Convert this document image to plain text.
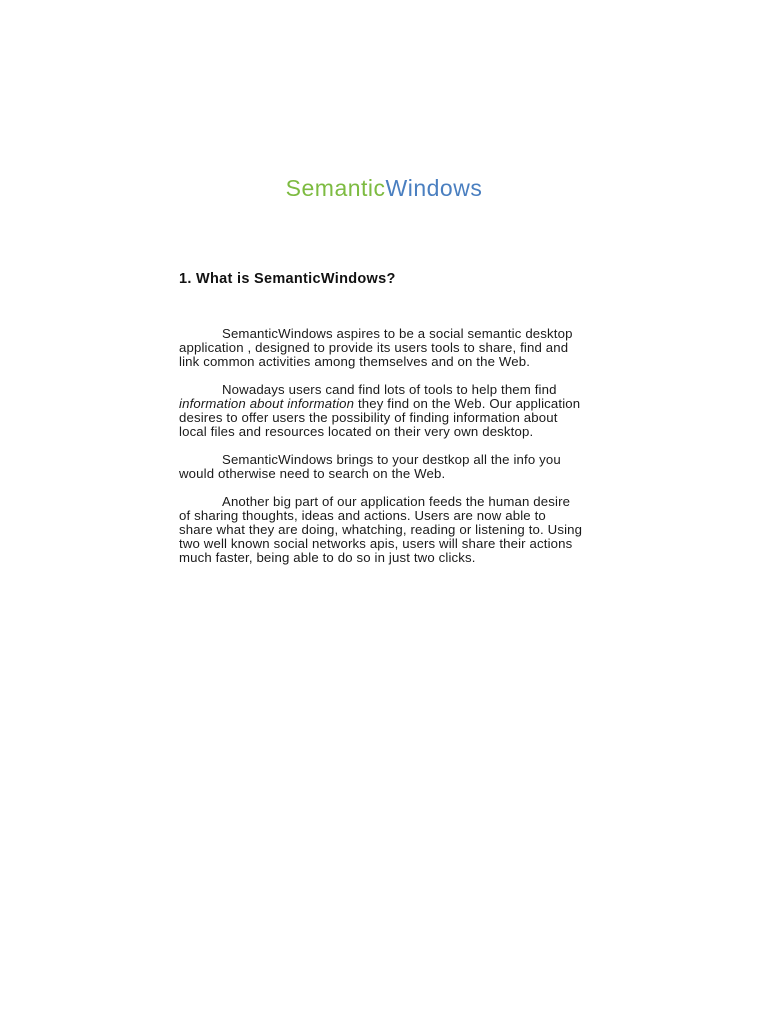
SemanticWindows
1. What is SemanticWindows?

SemanticWindows aspires to be a social semantic desktop application , designed to provide its users tools to share, find and link common activities among themselves and on the Web.

Nowadays users cand find lots of tools to help them find information about information they find on the Web. Our application desires to offer users the possibility of finding information about local files and resources located on their very own desktop.

SemanticWindows brings to your destkop all the info you would otherwise need to search on the Web.

Another big part of our application feeds the human desire of sharing thoughts, ideas and actions. Users are now able to share what they are doing, whatching, reading or listening to. Using two well known social networks apis, users will share their actions much faster, being able to do so in just two clicks.
